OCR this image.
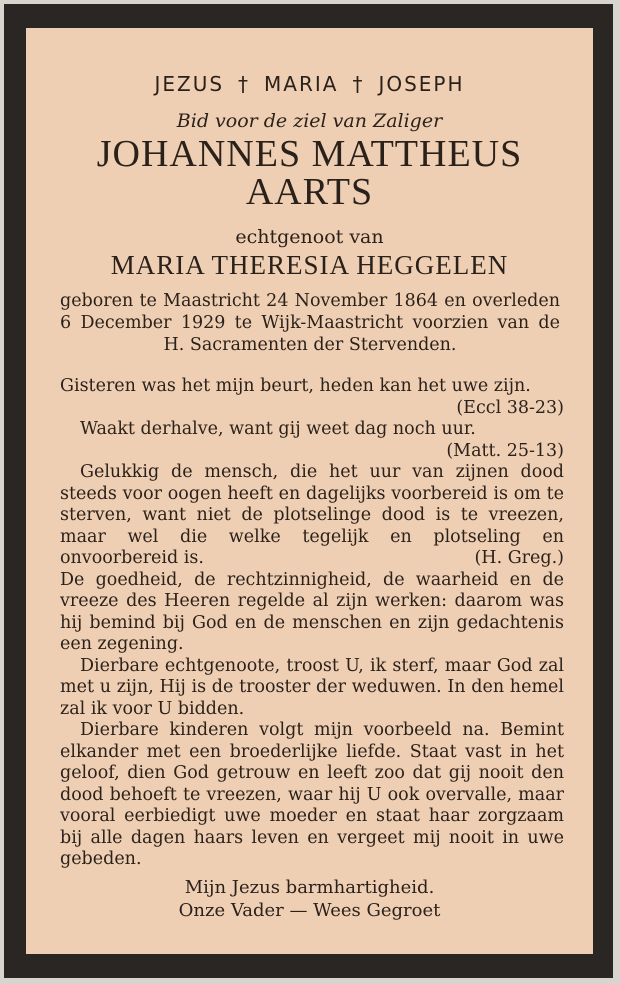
JEZUS † MARIA † JOSEPH
Bid voor de ziel van Zaliger
JOHANNES MATTHEUS
AARTS
echtgenoot van
MARIA THERESIA HEGGELEN
geboren te Maastricht 24 November 1864 en overleden 6 December 1929 te Wijk-Maastricht voorzien van de H. Sacramenten der Stervenden.

Gisteren was het mijn beurt, heden kan het uwe zijn.
(Eccl 38-23)

Waakt derhalve, want gij weet dag noch uur.

(Matt. 25-13)

Gelukkig de mensch, die het uur van zijnen dood steeds voor oogen heeft en dagelijks voorbereid is om te sterven, want niet de plotselinge dood is te vreezen, maar wel die welke tegelijk en plotseling en onvoorbereid is.	(H. Greg.)

De goedheid, de rechtzinnigheid, de waarheid en de vreeze des Heeren regelde al zijn werken: daarom was hij bemind bij God en de menschen en zijn gedachtenis een zegening.

Dierbare echtgenoote, troost U, ik sterf, maar God zal met u zijn, Hij is de trooster der weduwen. In den hemel zal ik voor U bidden.

Dierbare kinderen volgt mijn voorbeeld na. Bemint elkander met een broederlijke liefde. Staat vast in het geloof, dien God getrouw en leeft zoo dat gij nooit den dood behoeft te vreezen, waar hij U ook overvalle, maar vooral eerbiedigt uwe moeder en staat haar zorgzaam bij alle dagen haars leven en vergeet mij nooit in uwe gebeden.

Mijn Jezus barmhartigheid.
Onze Vader — Wees Gegroet
